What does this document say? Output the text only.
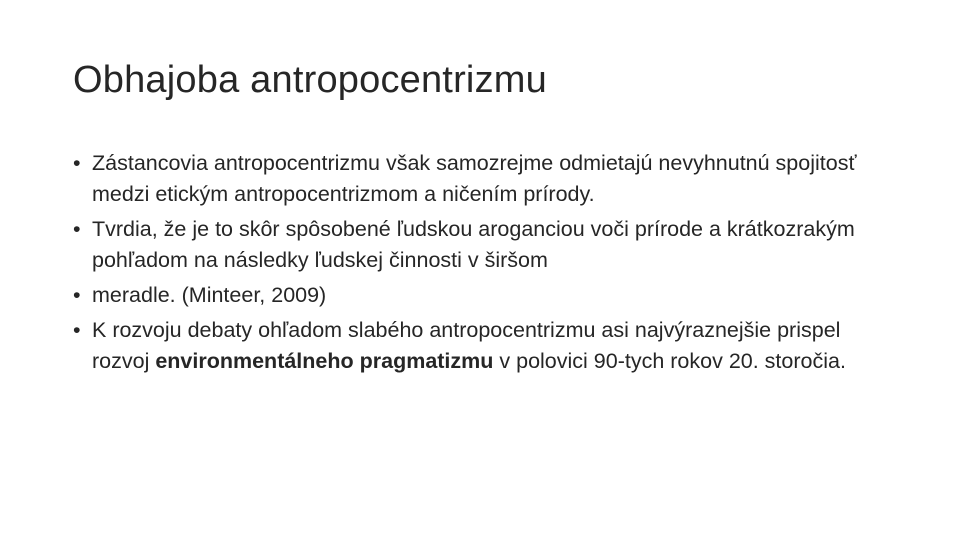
Obhajoba antropocentrizmu
• Zástancovia antropocentrizmu však samozrejme odmietajú nevyhnutnú spojitosť medzi etickým antropocentrizmom a ničením prírody.
• Tvrdia, že je to skôr spôsobené ľudskou aroganciou voči prírode a krátkozrakým pohľadom na následky ľudskej činnosti v širšom
• meradle. (Minteer, 2009)
• K rozvoju debaty ohľadom slabého antropocentrizmu asi najvýraznejšie prispel rozvoj environmentálneho pragmatizmu v polovici 90-tych rokov 20. storočia.
